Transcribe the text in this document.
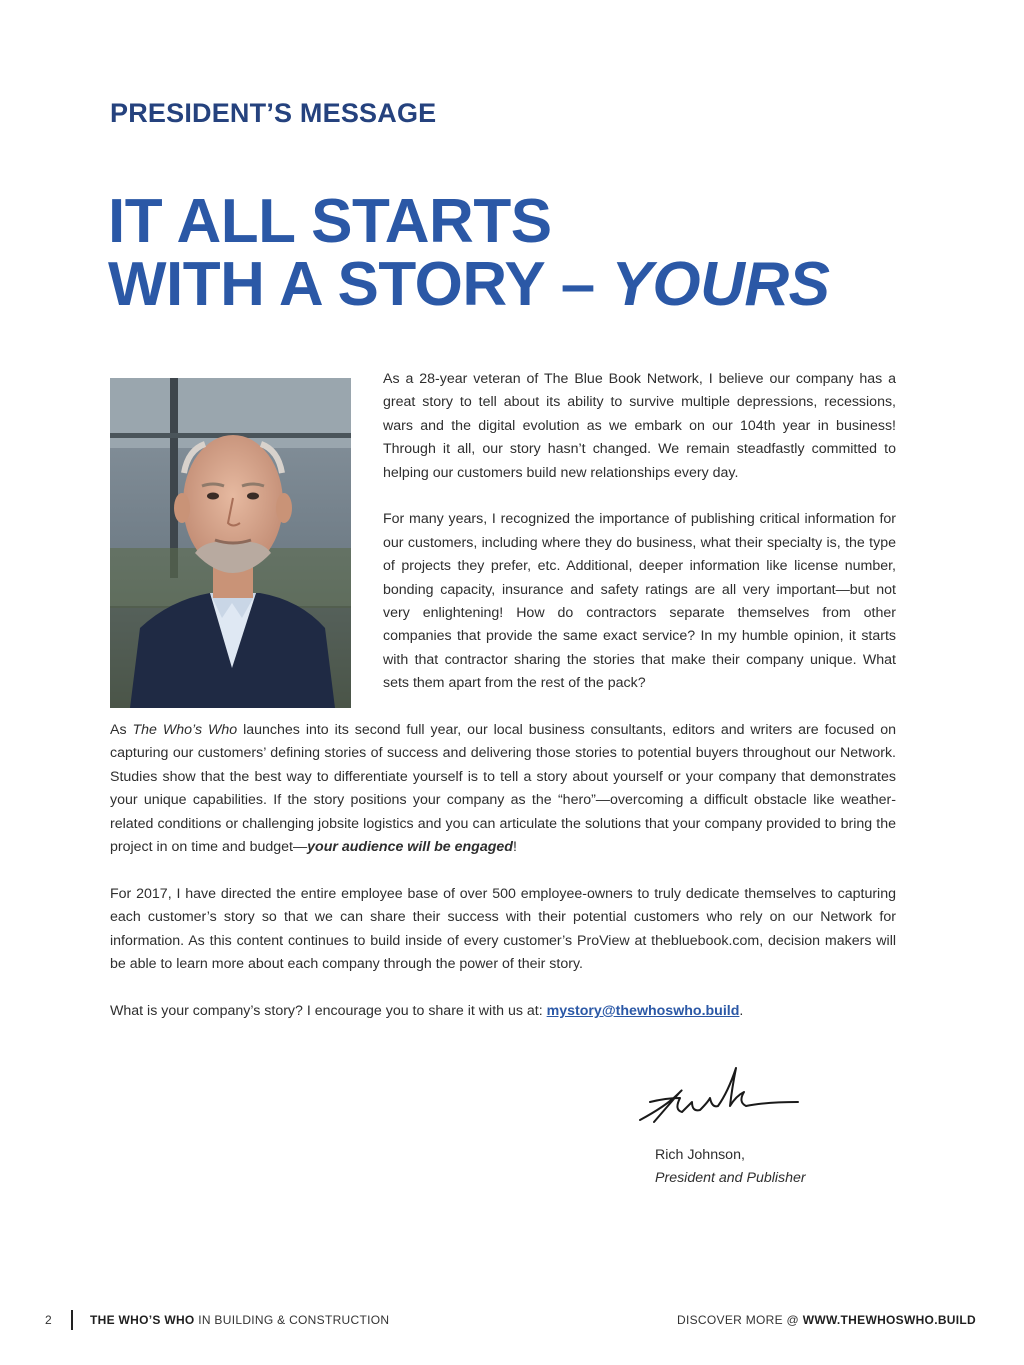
PRESIDENT’S MESSAGE
IT ALL STARTS
WITH A STORY – YOURS

As a 28-year veteran of The Blue Book Network, I believe our company has a great story to tell about its ability to survive multiple depressions, recessions, wars and the digital evolution as we embark on our 104th year in business! Through it all, our story hasn’t changed. We remain steadfastly committed to helping our customers build new relationships every day.

For many years, I recognized the importance of publishing critical information for our customers, including where they do business, what their specialty is, the type of projects they prefer, etc. Additional, deeper information like license number, bonding capacity, insurance and safety ratings are all very important—but not very enlightening! How do contractors separate themselves from other companies that provide the same exact service? In my humble opinion, it starts with that contractor sharing the stories that make their company unique. What sets them apart from the rest of the pack?

As The Who’s Who launches into its second full year, our local business consultants, editors and writers are focused on capturing our customers’ defining stories of success and delivering those stories to potential buyers throughout our Network. Studies show that the best way to differentiate yourself is to tell a story about yourself or your company that demonstrates your unique capabilities. If the story positions your company as the “hero”—overcoming a difficult obstacle like weather-related conditions or challenging jobsite logistics and you can articulate the solutions that your company provided to bring the project in on time and budget—your audience will be engaged!

For 2017, I have directed the entire employee base of over 500 employee-owners to truly dedicate themselves to capturing each customer’s story so that we can share their success with their potential customers who rely on our Network for information. As this content continues to build inside of every customer’s ProView at thebluebook.com, decision makers will be able to learn more about each company through the power of their story.

What is your company’s story? I encourage you to share it with us at: mystory@thewhoswho.build.

Rich Johnson,
President and Publisher
2	THE WHO’S WHO IN BUILDING & CONSTRUCTION	DISCOVER MORE @ WWW.THEWHOSWHO.BUILD
